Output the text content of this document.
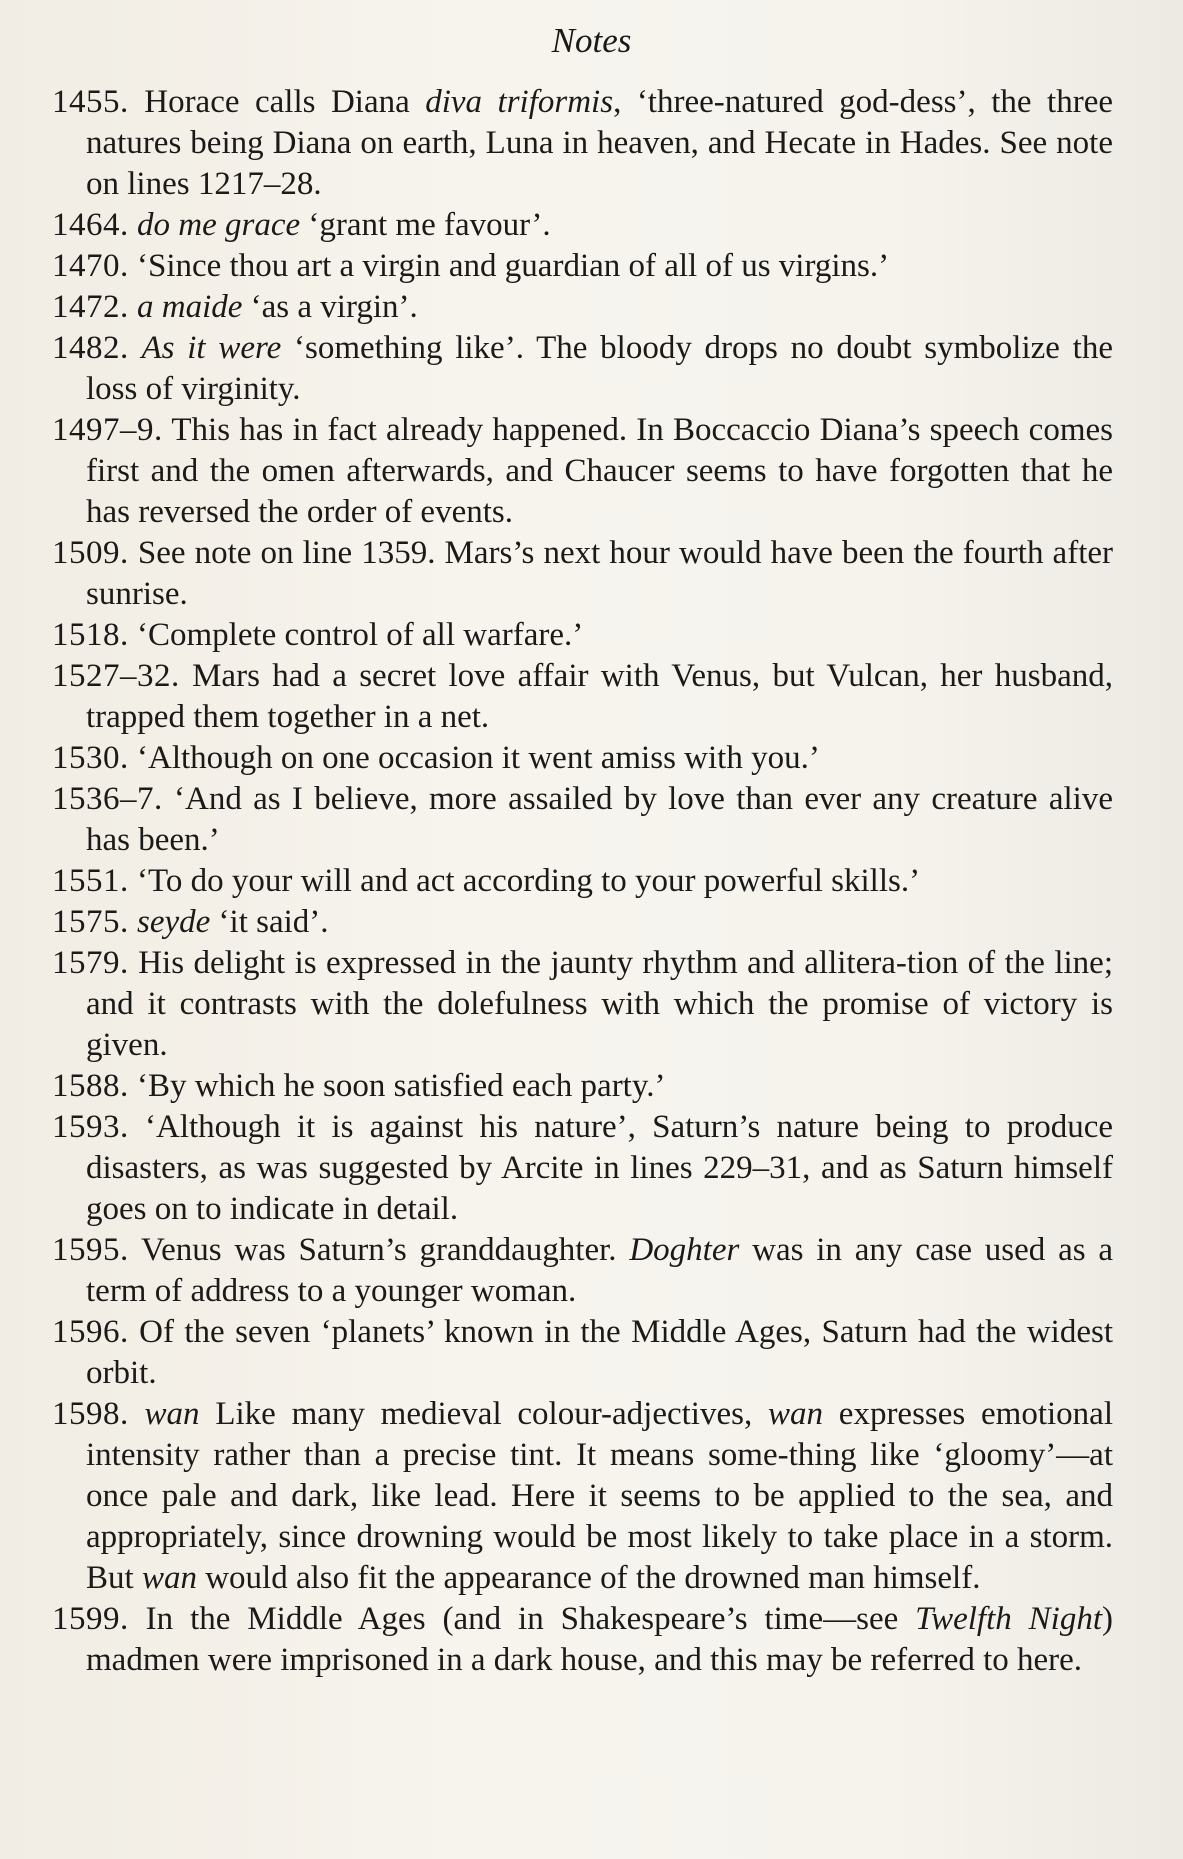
Notes
1455. Horace calls Diana diva triformis, ‘three-natured god-dess’, the three natures being Diana on earth, Luna in heaven, and Hecate in Hades. See note on lines 1217–28.
1464. do me grace ‘grant me favour’.
1470. ‘Since thou art a virgin and guardian of all of us virgins.’
1472. a maide ‘as a virgin’.
1482. As it were ‘something like’. The bloody drops no doubt symbolize the loss of virginity.
1497–9. This has in fact already happened. In Boccaccio Diana’s speech comes first and the omen afterwards, and Chaucer seems to have forgotten that he has reversed the order of events.
1509. See note on line 1359. Mars’s next hour would have been the fourth after sunrise.
1518. ‘Complete control of all warfare.’
1527–32. Mars had a secret love affair with Venus, but Vulcan, her husband, trapped them together in a net.
1530. ‘Although on one occasion it went amiss with you.’
1536–7. ‘And as I believe, more assailed by love than ever any creature alive has been.’
1551. ‘To do your will and act according to your powerful skills.’
1575. seyde ‘it said’.
1579. His delight is expressed in the jaunty rhythm and allitera-tion of the line; and it contrasts with the dolefulness with which the promise of victory is given.
1588. ‘By which he soon satisfied each party.’
1593. ‘Although it is against his nature’, Saturn’s nature being to produce disasters, as was suggested by Arcite in lines 229–31, and as Saturn himself goes on to indicate in detail.
1595. Venus was Saturn’s granddaughter. Doghter was in any case used as a term of address to a younger woman.
1596. Of the seven ‘planets’ known in the Middle Ages, Saturn had the widest orbit.
1598. wan Like many medieval colour-adjectives, wan expresses emotional intensity rather than a precise tint. It means some-thing like ‘gloomy’—at once pale and dark, like lead. Here it seems to be applied to the sea, and appropriately, since drowning would be most likely to take place in a storm. But wan would also fit the appearance of the drowned man himself.
1599. In the Middle Ages (and in Shakespeare’s time—see Twelfth Night) madmen were imprisoned in a dark house, and this may be referred to here.
